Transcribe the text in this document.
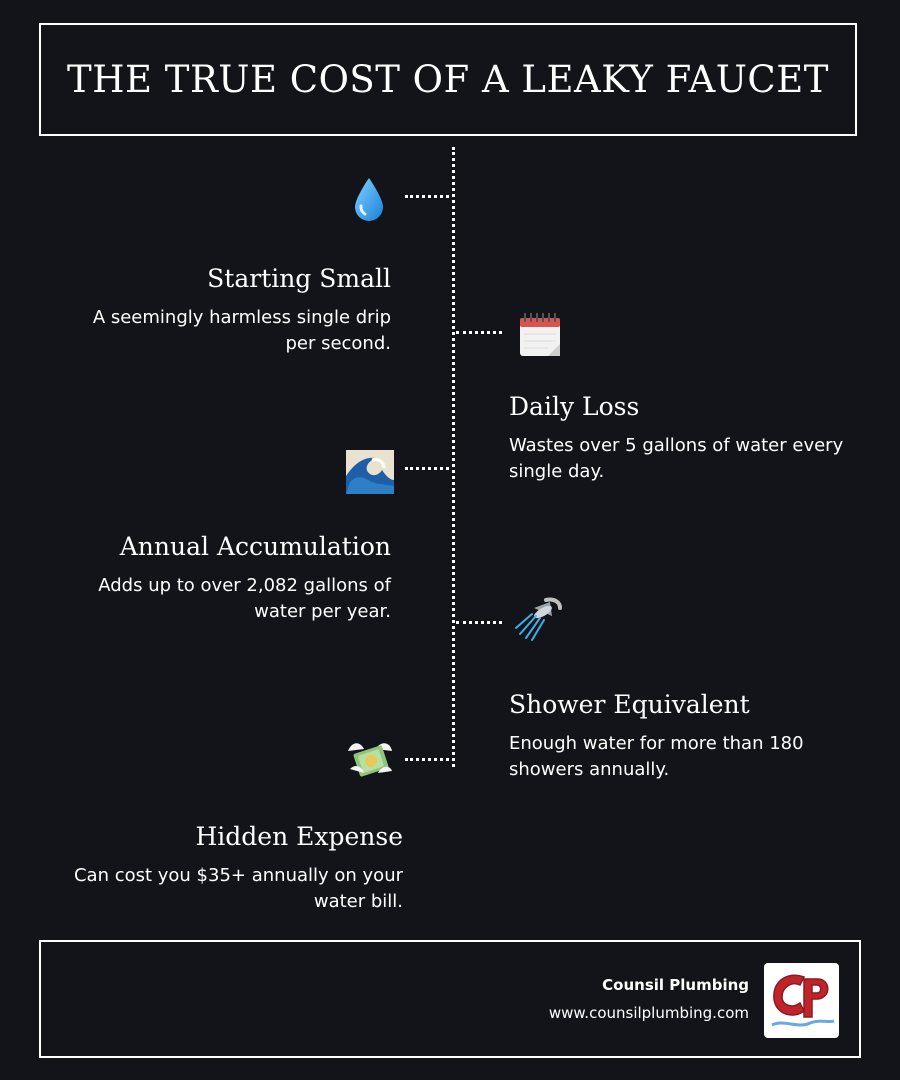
THE TRUE COST OF A LEAKY FAUCET
Starting Small

A seemingly harmless single drip per second.

Daily Loss

Wastes over 5 gallons of water every single day.

Annual Accumulation

Adds up to over 2,082 gallons of water per year.

Shower Equivalent

Enough water for more than 180 showers annually.

Hidden Expense

Can cost you $35+ annually on your water bill.

Counsil Plumbing
www.counsilplumbing.com
